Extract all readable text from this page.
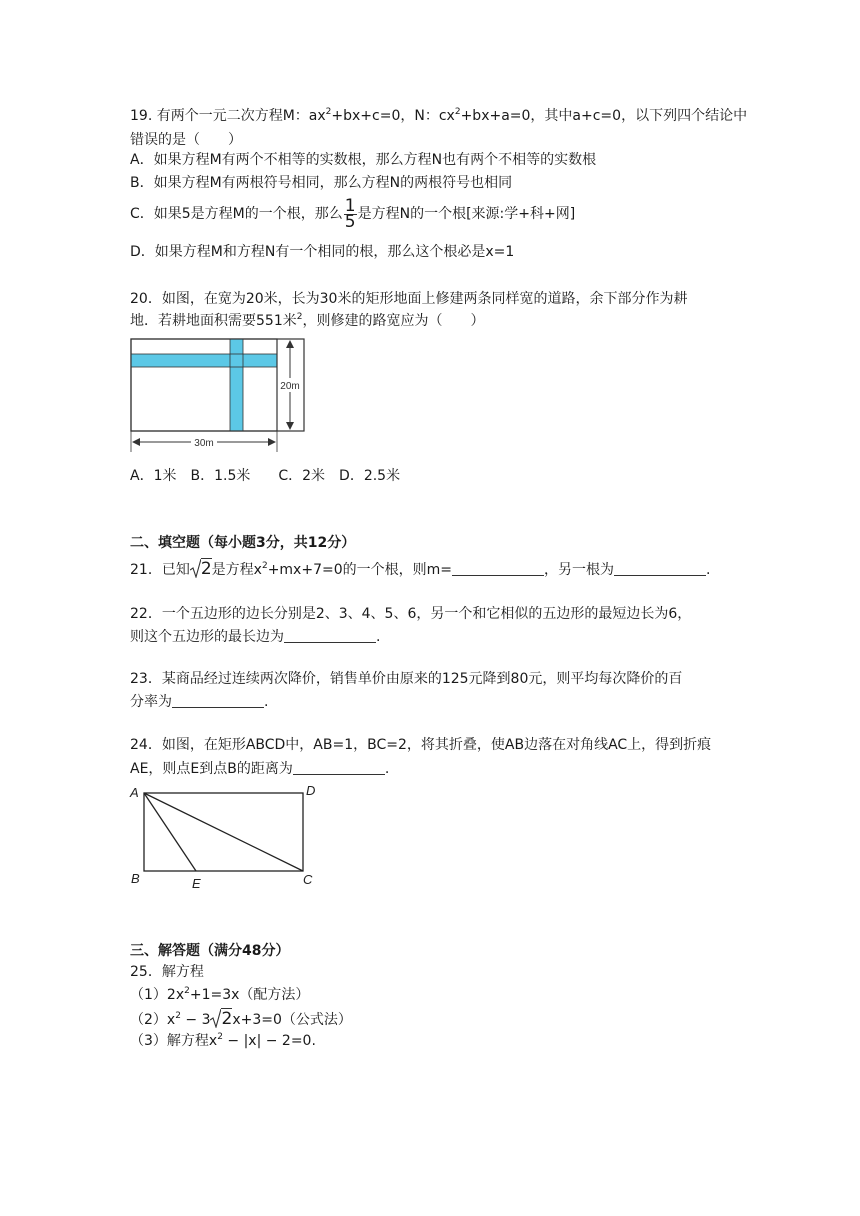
19. 有两个一元二次方程M：$ax^2+bx+c=0$，N：$cx^2+bx+a=0$，其中a+c=0，以下列四个结论中
错误的是（　　）
A．如果方程M有两个不相等的实数根，那么方程N也有两个不相等的实数根
B．如果方程M有两根符号相同，那么方程N的两根符号也相同
C．如果5是方程M的一个根，那么 $\frac{1}{5}$ 是方程N的一个根[来源:学+科+网]
D．如果方程M和方程N有一个相同的根，那么这个根必是x=1
20．如图，在宽为20米，长为30米的矩形地面上修建两条同样宽的道路，余下部分作为耕
地．若耕地面积需要551米$^2$，则修建的路宽应为（　　）
20m
30m
A．1米　B．1.5米　　C．2米　D．2.5米
二、填空题（每小题3分，共12分）
21．已知 2是方程$x^2+mx+7=0$的一个根，则m=	，另一根为	.
22．一个五边形的边长分别是2、3、4、5、6，另一个和它相似的五边形的最短边长为6，
则这个五边形的最长边为	.
23．某商品经过连续两次降价，销售单价由原来的125元降到80元，则平均每次降价的百
分率为	.
24．如图，在矩形ABCD中，AB=1，BC=2，将其折叠，使AB边落在对角线AC上，得到折痕
AE，则点E到点B的距离为	.
A	D
B	E	C
三、解答题（满分48分）
25．解方程
$(1)2x^2+1=3x$（配方法）
$(2)x^2 - 3$ 2x+3=0（公式法）
（3）解方程$x^2 - |x| - 2=0$.
